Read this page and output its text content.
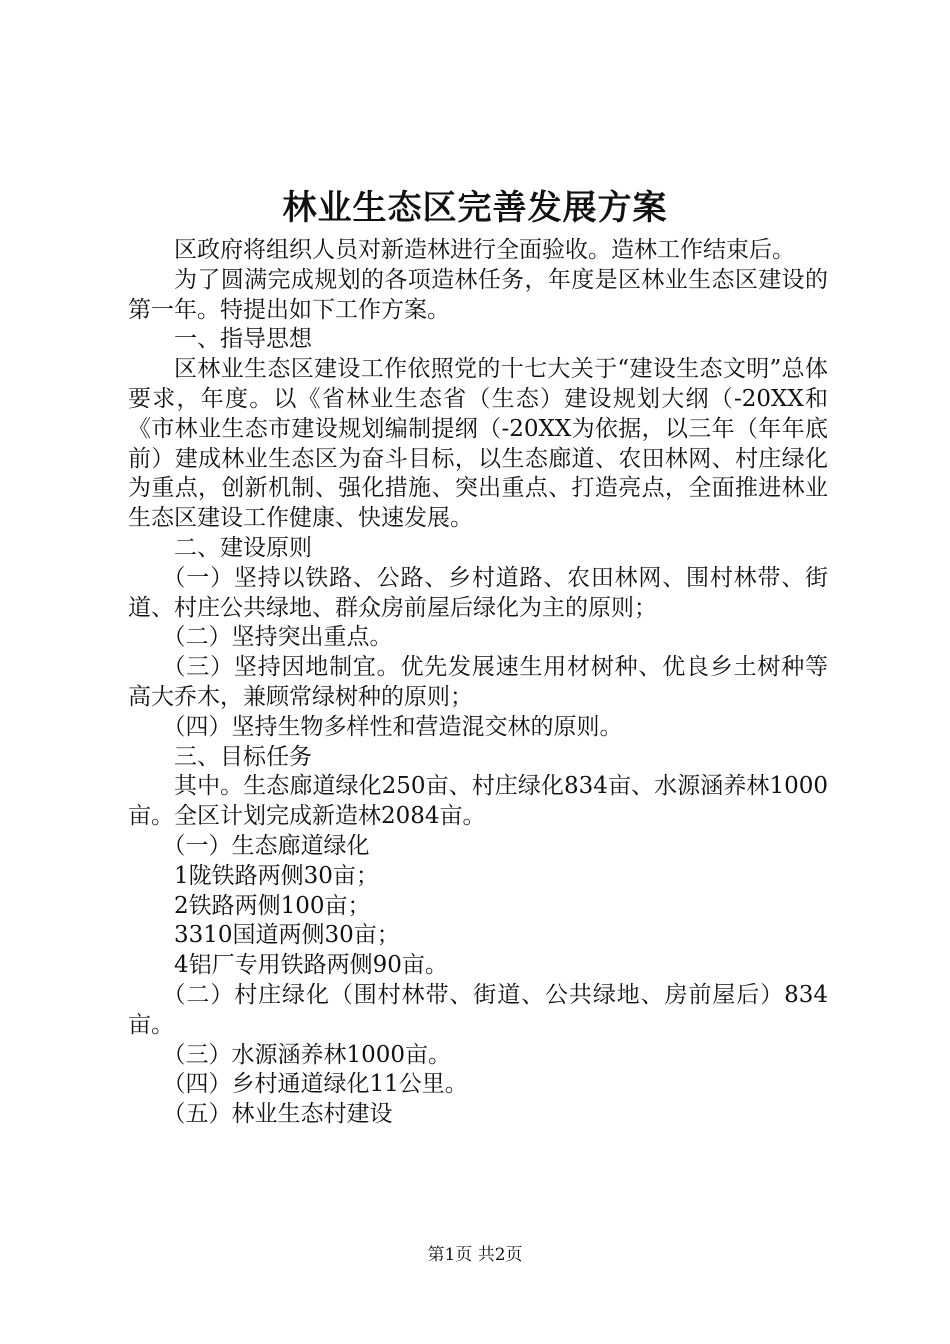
林业生态区完善发展方案

区政府将组织人员对新造林进行全面验收。造林工作结束后。

为了圆满完成规划的各项造林任务，年度是区林业生态区建设的第一年。特提出如下工作方案。

一、指导思想

区林业生态区建设工作依照党的十七大关于“建设生态文明”总体要求，年度。以《省林业生态省（生态）建设规划大纲（-20XX和《市林业生态市建设规划编制提纲（-20XX为依据，以三年（年年底前）建成林业生态区为奋斗目标，以生态廊道、农田林网、村庄绿化为重点，创新机制、强化措施、突出重点、打造亮点，全面推进林业生态区建设工作健康、快速发展。

二、建设原则

（一）坚持以铁路、公路、乡村道路、农田林网、围村林带、街道、村庄公共绿地、群众房前屋后绿化为主的原则；

（二）坚持突出重点。

（三）坚持因地制宜。优先发展速生用材树种、优良乡土树种等高大乔木，兼顾常绿树种的原则；

（四）坚持生物多样性和营造混交林的原则。

三、目标任务

其中。生态廊道绿化250亩、村庄绿化834亩、水源涵养林1000亩。全区计划完成新造林2084亩。

（一）生态廊道绿化

1陇铁路两侧30亩；

2铁路两侧100亩；

3310国道两侧30亩；

4铝厂专用铁路两侧90亩。

（二）村庄绿化（围村林带、街道、公共绿地、房前屋后）834亩。

（三）水源涵养林1000亩。

（四）乡村通道绿化11公里。

（五）林业生态村建设

第1页 共2页
